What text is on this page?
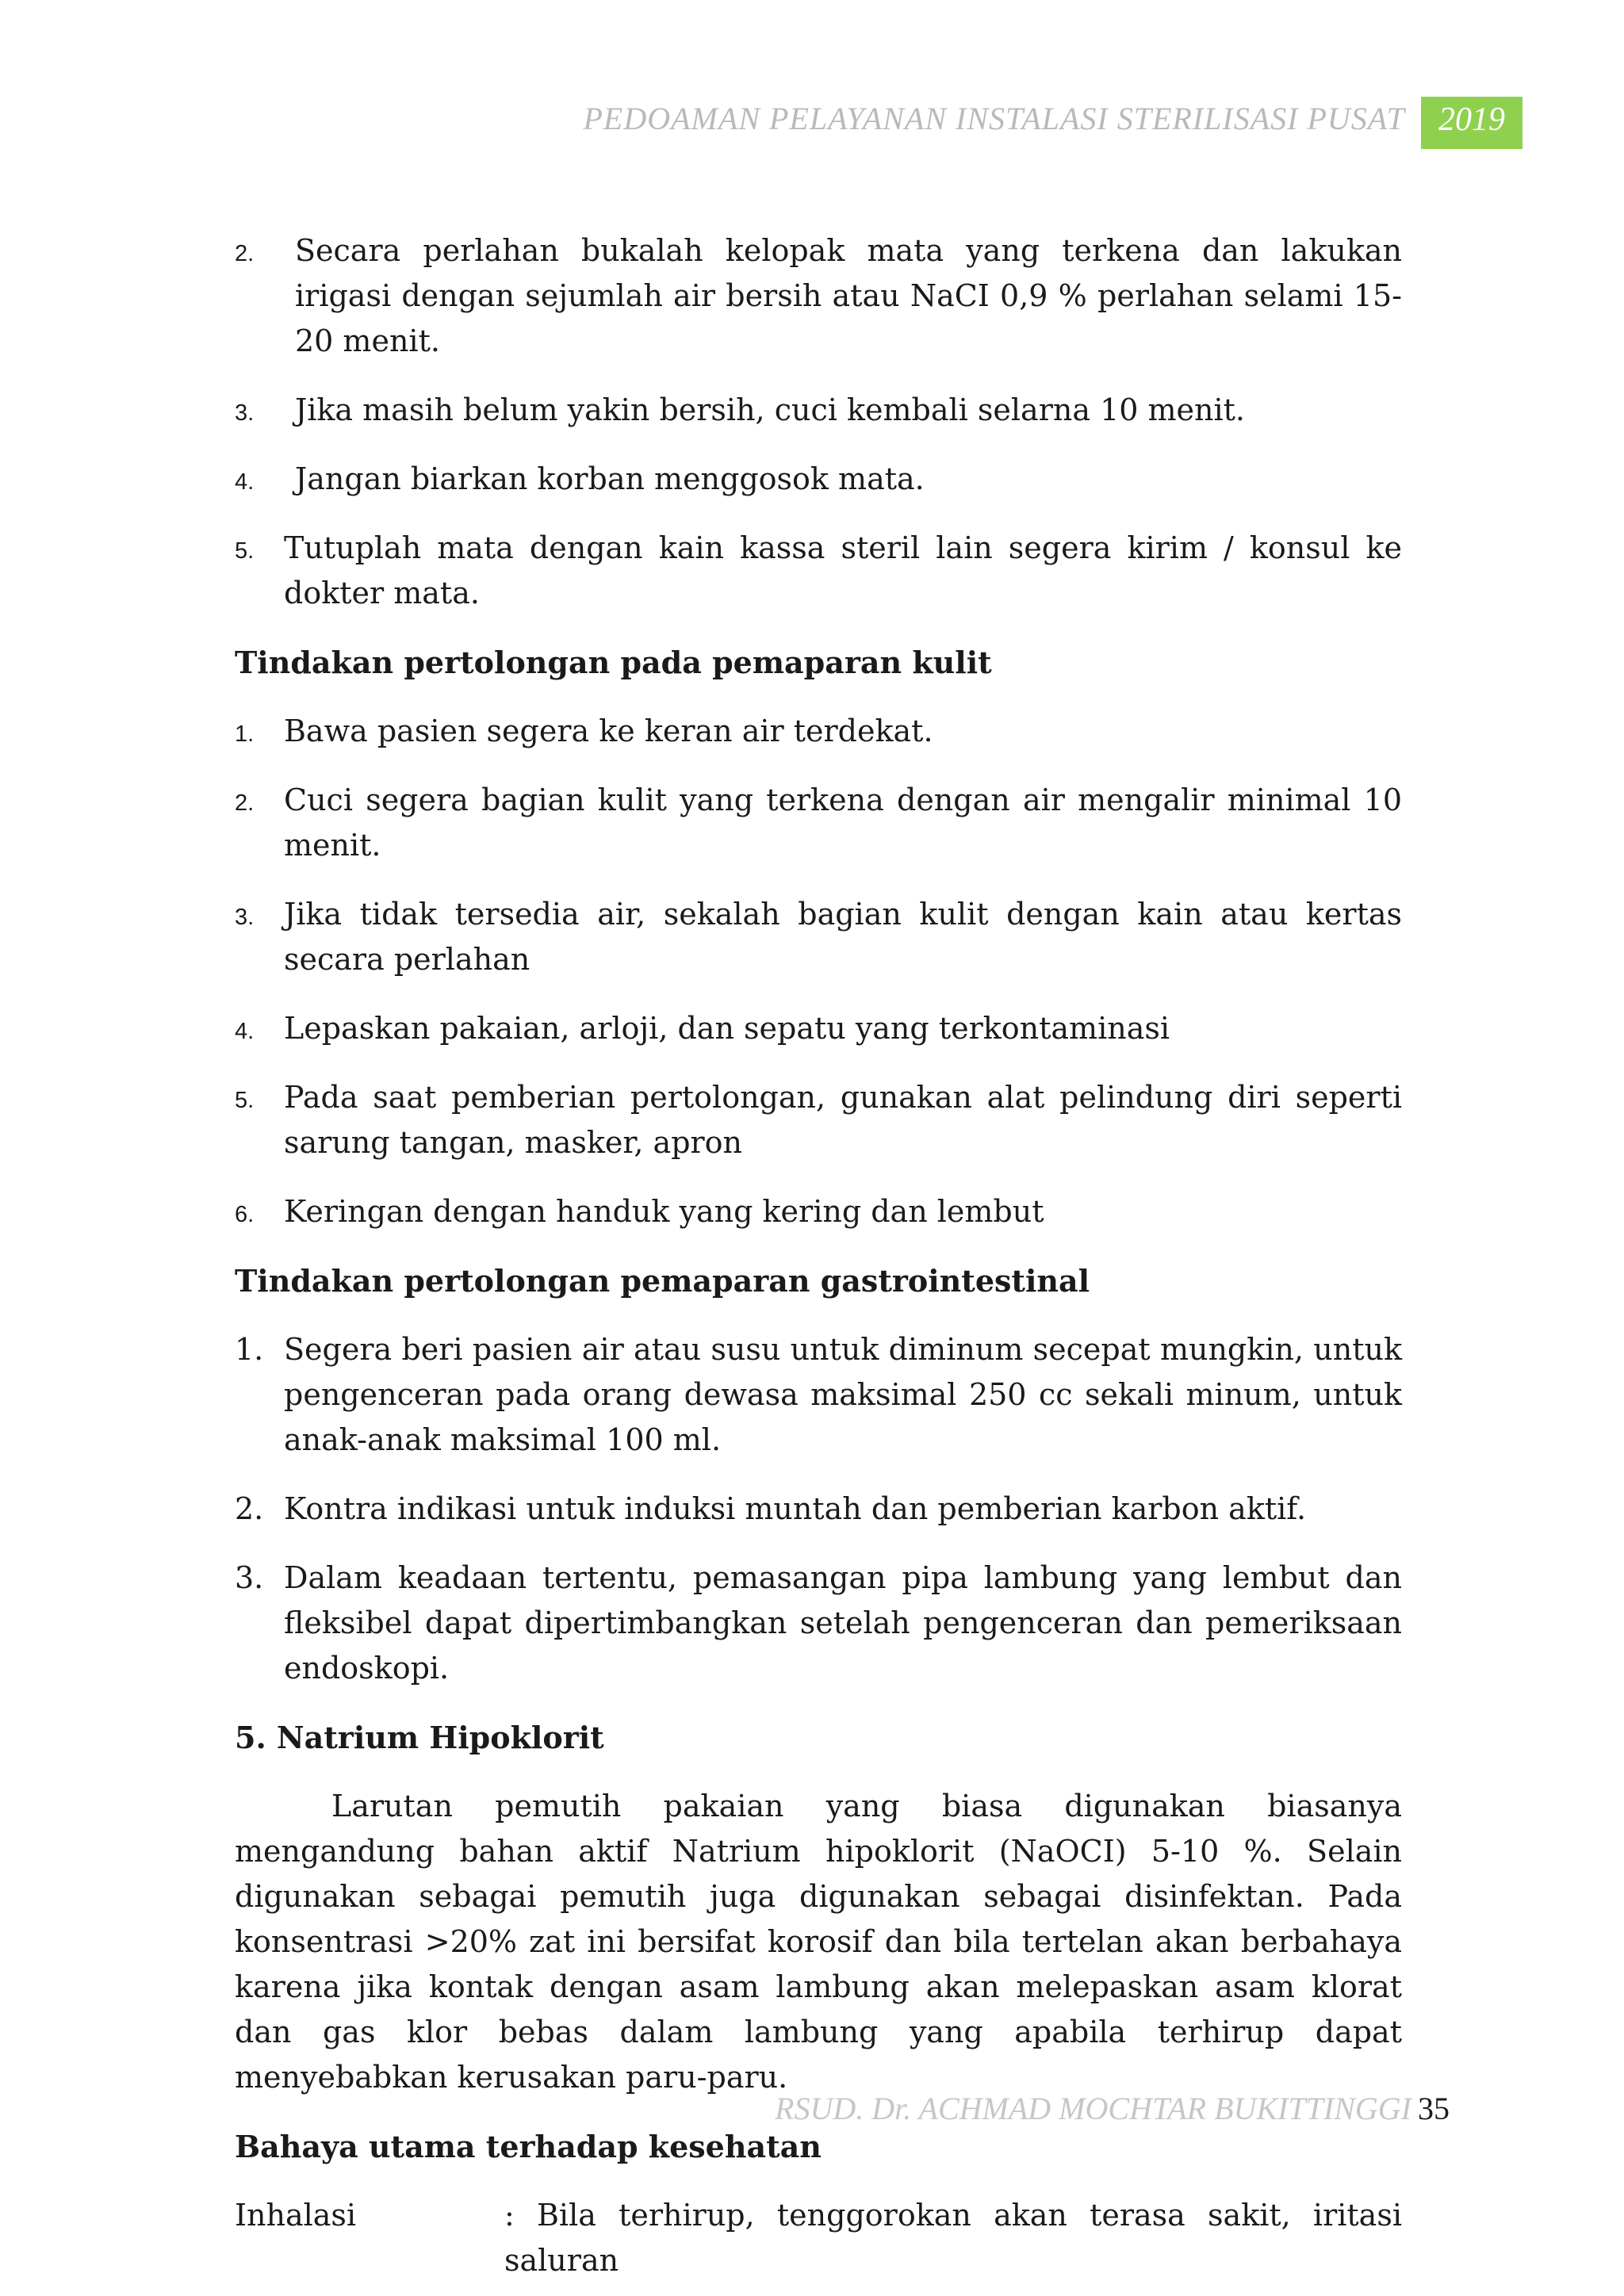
PEDOAMAN PELAYANAN INSTALASI STERILISASI PUSAT	2019
2.	Secara perlahan bukalah kelopak mata yang terkena dan lakukan irigasi dengan sejumlah air bersih atau NaCI 0,9 % perlahan selami 15-20 menit.
3.	Jika masih belum yakin bersih, cuci kembali selarna 10 menit.
4.	Jangan biarkan korban menggosok mata.
5. Tutuplah mata dengan kain kassa steril lain segera kirim / konsul ke dokter mata.
Tindakan pertolongan pada pemaparan kulit
1. Bawa pasien segera ke keran air terdekat.
2. Cuci segera bagian kulit yang terkena dengan air mengalir minimal 10 menit.
3. Jika tidak tersedia air, sekalah bagian kulit dengan kain atau kertas secara perlahan
4. Lepaskan pakaian, arloji, dan sepatu yang terkontaminasi
5. Pada saat pemberian pertolongan, gunakan alat pelindung diri seperti sarung tangan, masker, apron
6. Keringan dengan handuk yang kering dan lembut
Tindakan pertolongan pemaparan gastrointestinal
1. Segera beri pasien air atau susu untuk diminum secepat mungkin, untuk pengenceran pada orang dewasa maksimal 250 cc sekali minum, untuk anak-anak maksimal 100 ml.
2. Kontra indikasi untuk induksi muntah dan pemberian karbon aktif.
3. Dalam keadaan tertentu, pemasangan pipa lambung yang lembut dan fleksibel dapat dipertimbangkan setelah pengenceran dan pemeriksaan endoskopi.
5. Natrium Hipoklorit
Larutan pemutih pakaian yang biasa digunakan biasanya mengandung bahan aktif Natrium hipoklorit (NaOCI) 5-10 %. Selain digunakan sebagai pemutih juga digunakan sebagai disinfektan. Pada konsentrasi >20% zat ini bersifat korosif dan bila tertelan akan berbahaya karena jika kontak dengan asam lambung akan melepaskan asam klorat dan gas klor bebas dalam lambung yang apabila terhirup dapat menyebabkan kerusakan paru-paru.
Bahaya utama terhadap kesehatan
Inhalasi	: Bila terhirup, tenggorokan akan terasa sakit, iritasi saluran
RSUD. Dr. ACHMAD MOCHTAR BUKITTINGGI 35
